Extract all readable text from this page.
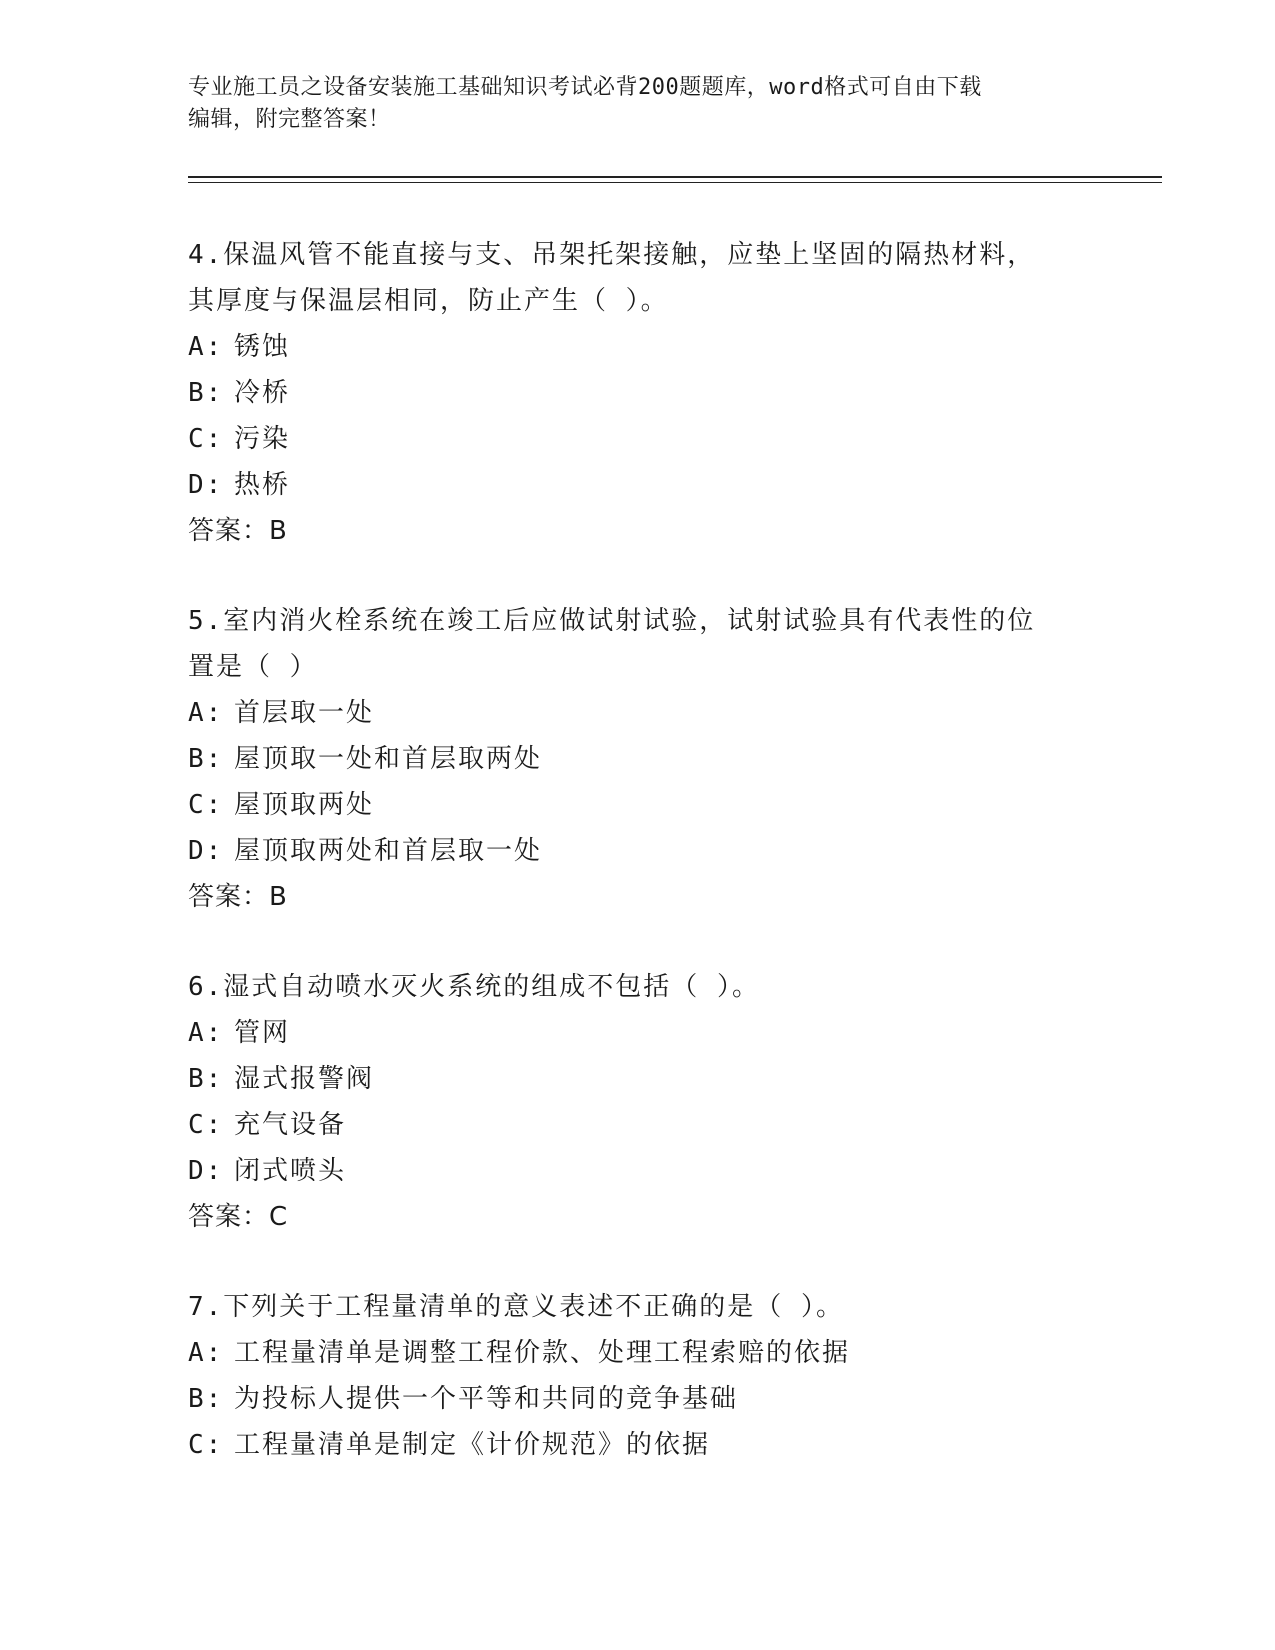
专业施工员之设备安装施工基础知识考试必背200题题库，word格式可自由下载
编辑，附完整答案！
4.保温风管不能直接与支、吊架托架接触，应垫上坚固的隔热材料，
其厚度与保温层相同，防止产生（ ）。
A: 锈蚀
B: 冷桥
C: 污染
D: 热桥
答案：B
5.室内消火栓系统在竣工后应做试射试验，试射试验具有代表性的位
置是（ ）
A: 首层取一处
B: 屋顶取一处和首层取两处
C: 屋顶取两处
D: 屋顶取两处和首层取一处
答案：B
6.湿式自动喷水灭火系统的组成不包括（ ）。
A: 管网
B: 湿式报警阀
C: 充气设备
D: 闭式喷头
答案：C
7.下列关于工程量清单的意义表述不正确的是（ ）。
A: 工程量清单是调整工程价款、处理工程索赔的依据
B: 为投标人提供一个平等和共同的竞争基础
C: 工程量清单是制定《计价规范》的依据
